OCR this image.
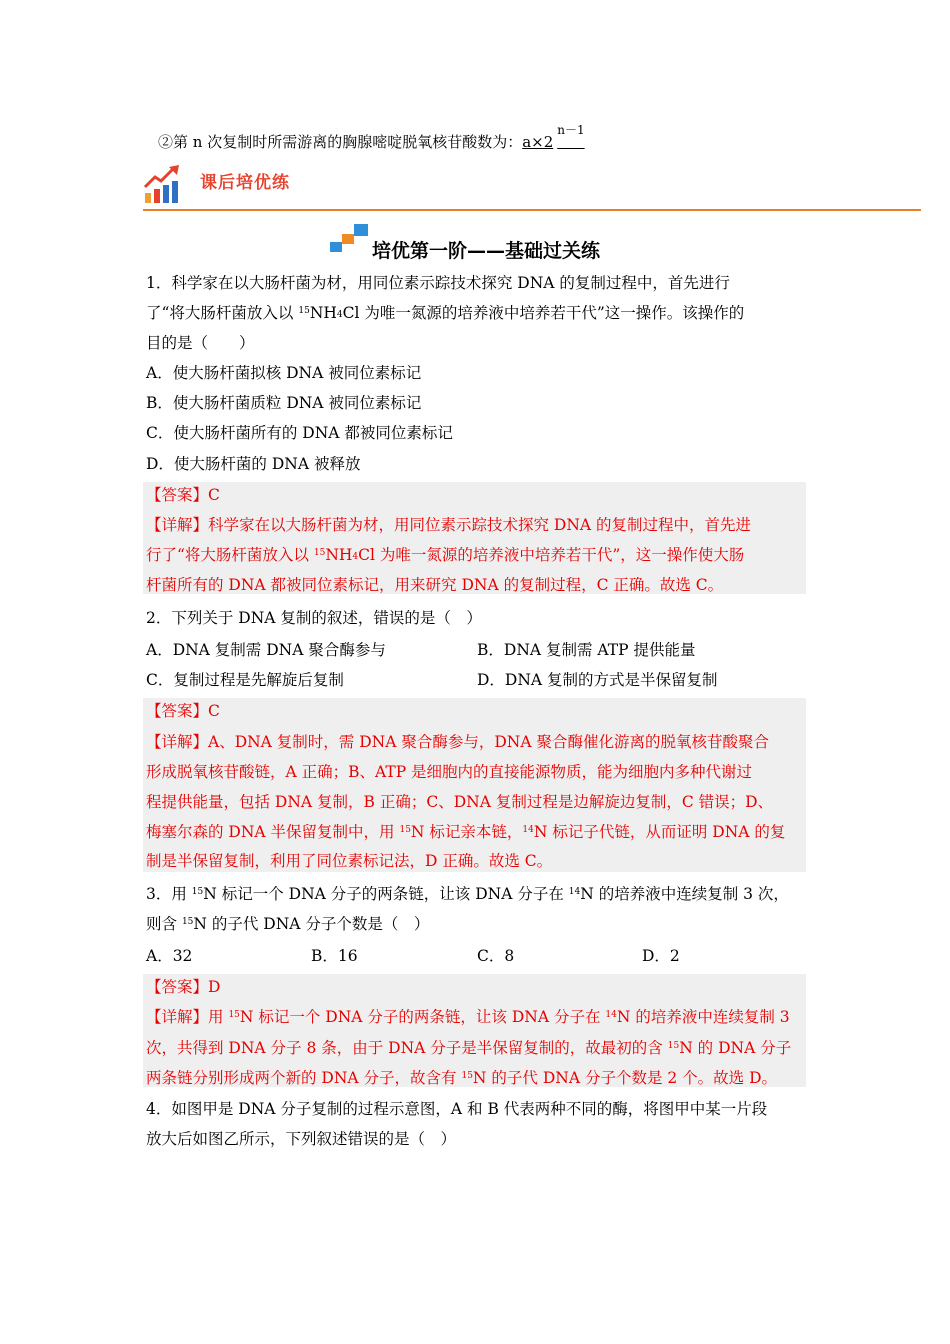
②第 n 次复制时所需游离的胸腺嘧啶脱氧核苷酸数为：$a\times 2^{n-1}$
课后培优练
培优第一阶——基础过关练
1．科学家在以大肠杆菌为材，用同位素示踪技术探究 DNA 的复制过程中，首先进行
了“将大肠杆菌放入以 $^{15}NH_4Cl$ 为唯一氮源的培养液中培养若干代”这一操作。该操作的
目的是（　　）
A．使大肠杆菌拟核 DNA 被同位素标记
B．使大肠杆菌质粒 DNA 被同位素标记
C．使大肠杆菌所有的 DNA 都被同位素标记
D．使大肠杆菌的 DNA 被释放
【答案】C
【详解】科学家在以大肠杆菌为材，用同位素示踪技术探究 DNA 的复制过程中，首先进
行了“将大肠杆菌放入以 $^{15}NH_4Cl$ 为唯一氮源的培养液中培养若干代”，这一操作使大肠
杆菌所有的 DNA 都被同位素标记，用来研究 DNA 的复制过程，C 正确。故选 C。
2．下列关于 DNA 复制的叙述，错误的是（　）
A．DNA 复制需 DNA 聚合酶参与	B．DNA 复制需 ATP 提供能量
C．复制过程是先解旋后复制	D．DNA 复制的方式是半保留复制
【答案】C
【详解】A、DNA 复制时，需 DNA 聚合酶参与，DNA 聚合酶催化游离的脱氧核苷酸聚合
形成脱氧核苷酸链，A 正确；B、ATP 是细胞内的直接能源物质，能为细胞内多种代谢过
程提供能量，包括 DNA 复制，B 正确；C、DNA 复制过程是边解旋边复制，C 错误；D、
梅塞尔森的 DNA 半保留复制中，用 $^{15}$N 标记亲本链，$^{14}$N 标记子代链，从而证明 DNA 的复
制是半保留复制，利用了同位素标记法，D 正确。故选 C。
3．用 $^{15}$N 标记一个 DNA 分子的两条链，让该 DNA 分子在 $^{14}$N 的培养液中连续复制 3 次，
则含 $^{15}$N 的子代 DNA 分子个数是（　）
A．32	B．16	C．8	D．2
【答案】D
【详解】用 $^{15}$N 标记一个 DNA 分子的两条链，让该 DNA 分子在 $^{14}$N 的培养液中连续复制 3
次，共得到 DNA 分子 8 条，由于 DNA 分子是半保留复制的，故最初的含 $^{15}$N 的 DNA 分子
两条链分别形成两个新的 DNA 分子，故含有 $^{15}$N 的子代 DNA 分子个数是 2 个。故选 D。
4．如图甲是 DNA 分子复制的过程示意图，A 和 B 代表两种不同的酶，将图甲中某一片段
放大后如图乙所示，下列叙述错误的是（　）
